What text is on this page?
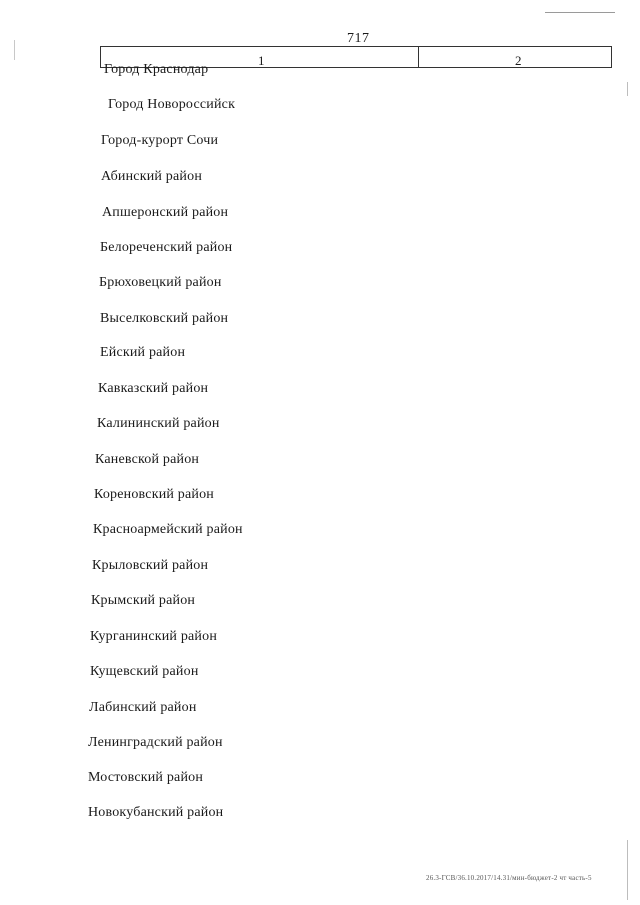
717
1	2
Город Краснодар
Город Новороссийск
Город-курорт Сочи
Абинский район
Апшеронский район
Белореченский район
Брюховецкий район
Выселковский район
Ейский район
Кавказский район
Калининский район
Каневской район
Кореновский район
Красноармейский район
Крыловский район
Крымский район
Курганинский район
Кущевский район
Лабинский район
Ленинградский район
Мостовский район
Новокубанский район
26.3-ГСВ/36.10.2017/14.31/мин-бюджет-2 чт часть-5
